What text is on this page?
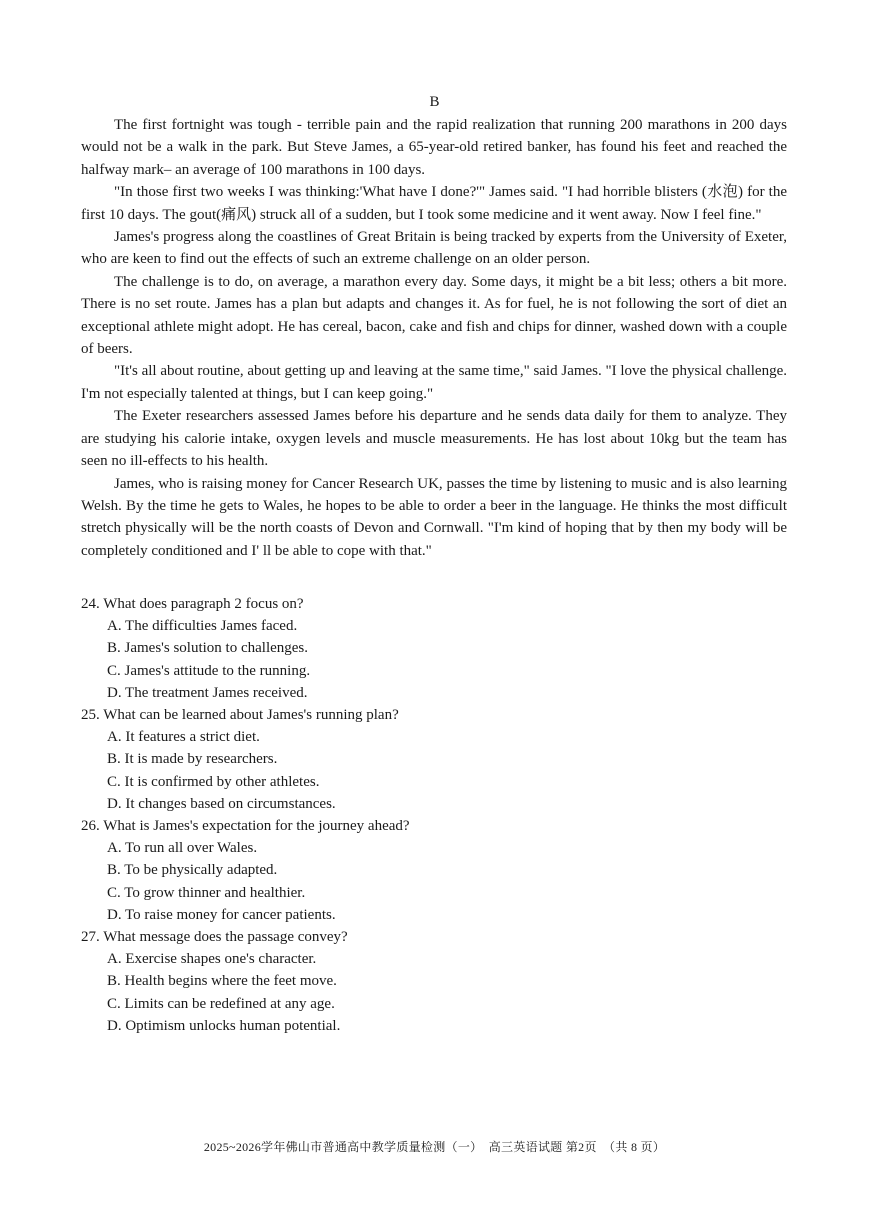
B

The first fortnight was tough - terrible pain and the rapid realization that running 200 marathons in 200 days would not be a walk in the park. But Steve James, a 65-year-old retired banker, has found his feet and reached the halfway mark– an average of 100 marathons in 100 days.

"In those first two weeks I was thinking:'What have I done?'" James said. "I had horrible blisters (水泡) for the first 10 days. The gout(痛风) struck all of a sudden, but I took some medicine and it went away. Now I feel fine."

James's progress along the coastlines of Great Britain is being tracked by experts from the University of Exeter, who are keen to find out the effects of such an extreme challenge on an older person.

The challenge is to do, on average, a marathon every day. Some days, it might be a bit less; others a bit more. There is no set route. James has a plan but adapts and changes it. As for fuel, he is not following the sort of diet an exceptional athlete might adopt. He has cereal, bacon, cake and fish and chips for dinner, washed down with a couple of beers.

"It's all about routine, about getting up and leaving at the same time," said James. "I love the physical challenge. I'm not especially talented at things, but I can keep going."

The Exeter researchers assessed James before his departure and he sends data daily for them to analyze. They are studying his calorie intake, oxygen levels and muscle measurements. He has lost about 10kg but the team has seen no ill-effects to his health.

James, who is raising money for Cancer Research UK, passes the time by listening to music and is also learning Welsh. By the time he gets to Wales, he hopes to be able to order a beer in the language. He thinks the most difficult stretch physically will be the north coasts of Devon and Cornwall. "I'm kind of hoping that by then my body will be completely conditioned and I' ll be able to cope with that."

24. What does paragraph 2 focus on?
A. The difficulties James faced.
B. James's solution to challenges.
C. James's attitude to the running.
D. The treatment James received.
25. What can be learned about James's running plan?
A. It features a strict diet.
B. It is made by researchers.
C. It is confirmed by other athletes.
D. It changes based on circumstances.
26. What is James's expectation for the journey ahead?
A. To run all over Wales.
B. To be physically adapted.
C. To grow thinner and healthier.
D. To raise money for cancer patients.
27. What message does the passage convey?
A. Exercise shapes one's character.
B. Health begins where the feet move.
C. Limits can be redefined at any age.
D. Optimism unlocks human potential.
2025~2026学年佛山市普通高中教学质量检测（一）　高三英语试题 第2页　（共 8 页）
